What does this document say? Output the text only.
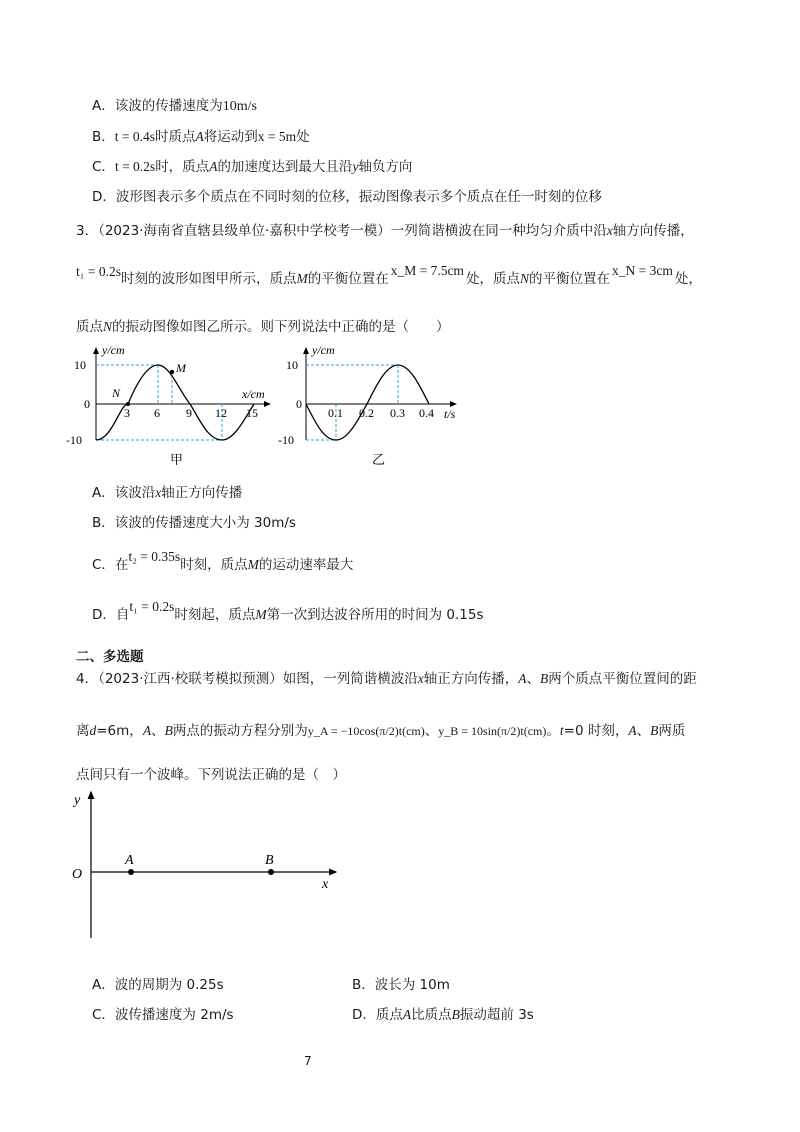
A．该波的传播速度为10m/s
B．t = 0.4s时质点A将运动到x = 5m处
C．t = 0.2s时，质点A的加速度达到最大且沿y轴负方向
D．波形图表示多个质点在不同时刻的位移，振动图像表示多个质点在任一时刻的位移
3．（2023·海南省直辖县级单位·嘉积中学校考一模）一列简谐横波在同一种均匀介质中沿x轴方向传播，
t₁ = 0.2s时刻的波形如图甲所示，质点M的平衡位置在x_M = 7.5cm处，质点N的平衡位置在x_N = 3cm处，
质点N的振动图像如图乙所示。则下列说法中正确的是（　　）
y/cm
x/cm
M
N
10
0
-10
3 6 9 12 15
甲
y/cm
t/s
10
0
-10
0.1 0.2 0.3 0.4
乙
A．该波沿x轴正方向传播
B．该波的传播速度大小为 30m/s
C．在t₂ = 0.35s时刻，质点M的运动速率最大
D．自t₁ = 0.2s时刻起，质点M第一次到达波谷所用的时间为 0.15s
二、多选题
4．（2023·江西·校联考模拟预测）如图，一列简谐横波沿x轴正方向传播，A、B两个质点平衡位置间的距
离d=6m，A、B两点的振动方程分别为y_A = −10cos(π/2)t(cm)、y_B = 10sin(π/2)t(cm)。t=0 时刻，A、B两质
点间只有一个波峰。下列说法正确的是（　）
y
x
O
A	B
A．波的周期为 0.25s	B．波长为 10m
C．波传播速度为 2m/s	D．质点A比质点B振动超前 3s
7
